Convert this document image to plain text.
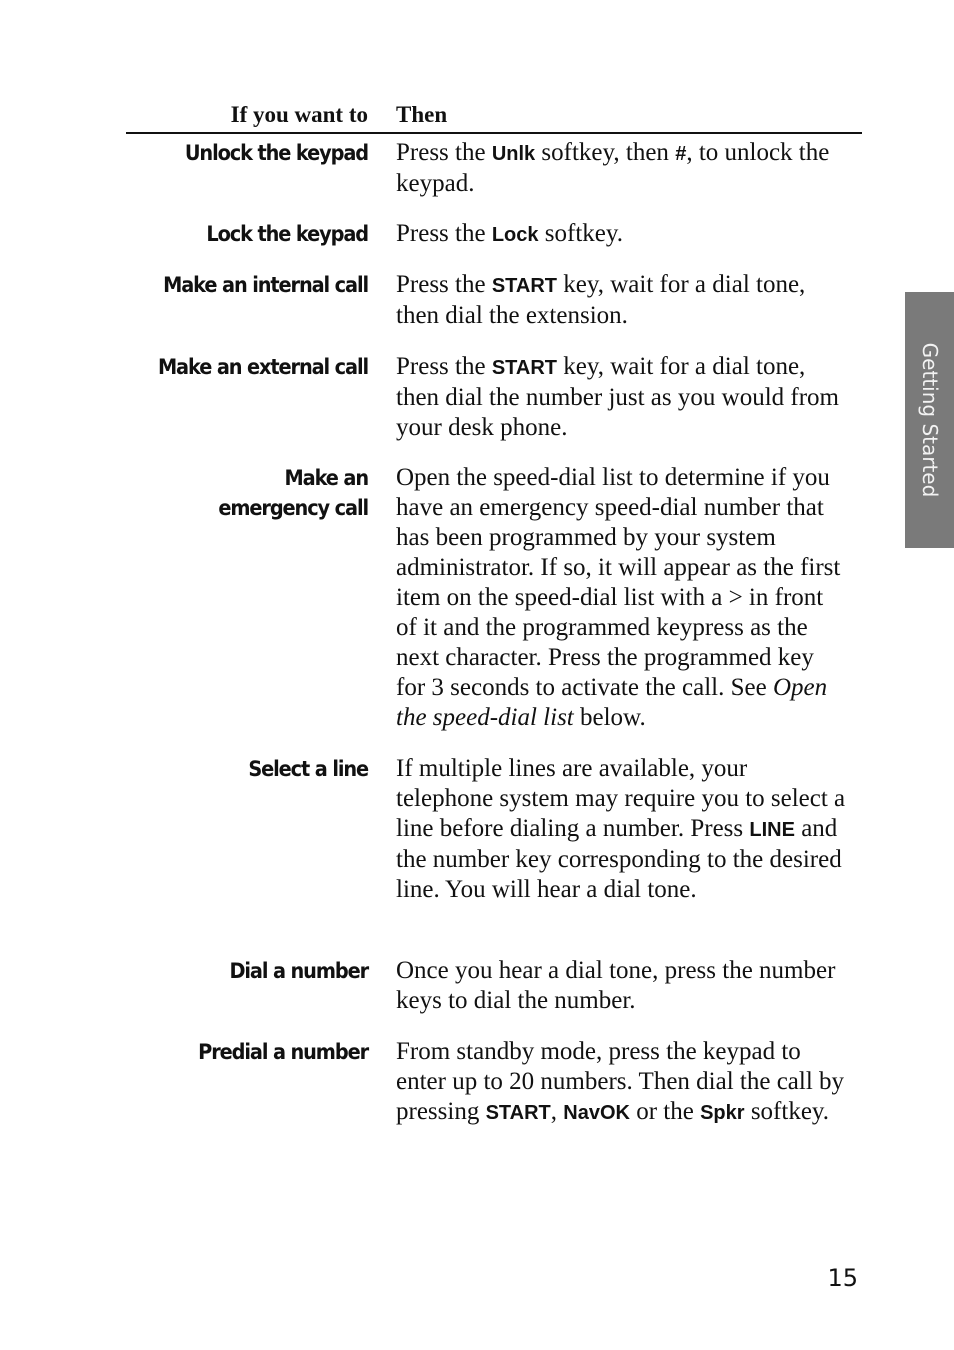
If you want to Then
Unlock the keypad Press the Unlk softkey, then #, to unlock the keypad.
Lock the keypad Press the Lock softkey.
Make an internal call Press the START key, wait for a dial tone, then dial the extension.
Make an external call Press the START key, wait for a dial tone, then dial the number just as you would from your desk phone.
Make an emergency call
Open the speed-dial list to determine if you have an emergency speed-dial number that has been programmed by your system administrator. If so, it will appear as the first item on the speed-dial list with a > in front of it and the programmed keypress as the next character. Press the programmed key for 3 seconds to activate the call. See Open the speed-dial list below.
Select a line If multiple lines are available, your telephone system may require you to select a line before dialing a number. Press LINE and the number key corresponding to the desired line. You will hear a dial tone.
Dial a number Once you hear a dial tone, press the number keys to dial the number.
Predial a number From standby mode, press the keypad to enter up to 20 numbers. Then dial the call by pressing START, NavOK or the Spkr softkey.
Getting Started
15
